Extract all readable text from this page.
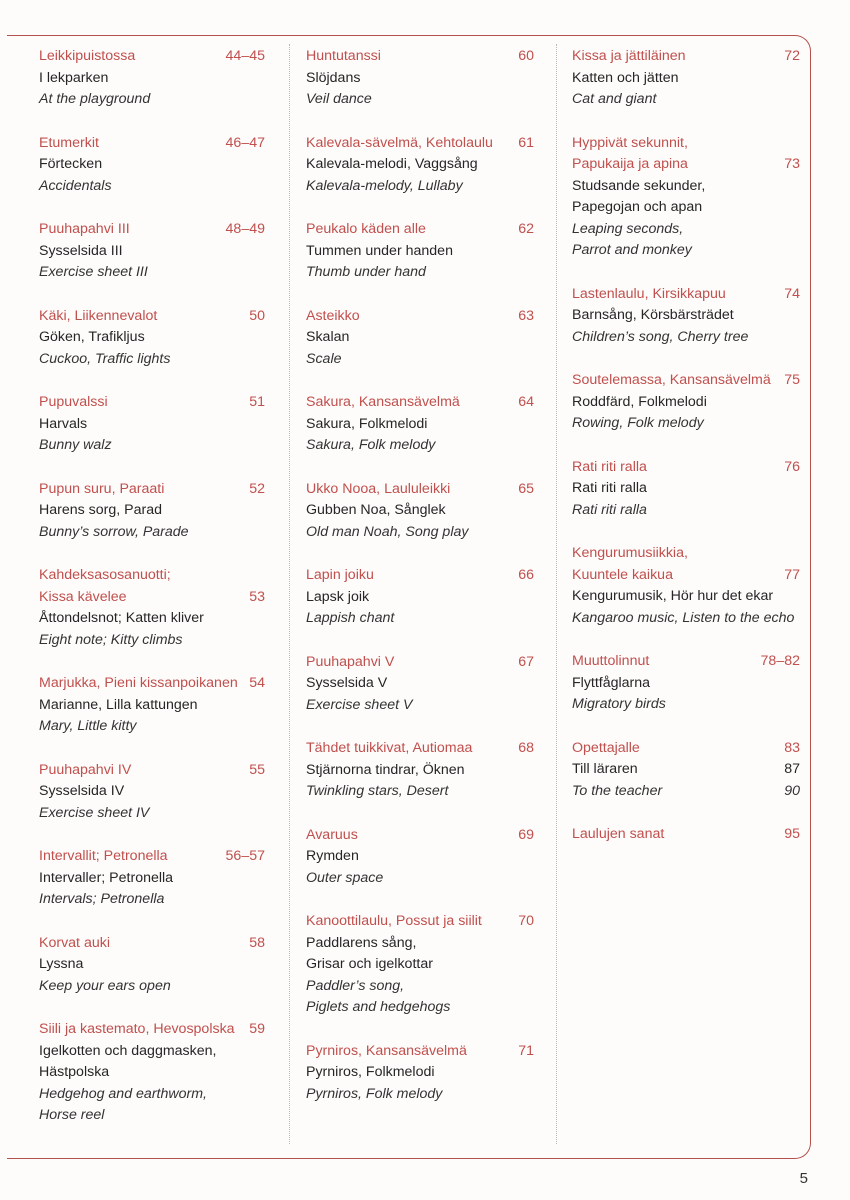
Leikkipuistossa	44–45
I lekparken
At the playground
Etumerkit	46–47
Förtecken
Accidentals
Puuhapahvi III	48–49
Sysselsida III
Exercise sheet III
Käki, Liikennevalot	50
Göken, Trafikljus
Cuckoo, Traffic lights
Pupuvalssi	51
Harvals
Bunny walz
Pupun suru, Paraati	52
Harens sorg, Parad
Bunny’s sorrow, Parade
Kahdeksasosanuotti;
Kissa kävelee	53
Åttondelsnot; Katten kliver
Eight note; Kitty climbs
Marjukka, Pieni kissanpoikanen 54
Marianne, Lilla kattungen
Mary, Little kitty
Puuhapahvi IV	55
Sysselsida IV
Exercise sheet IV
Intervallit; Petronella	56–57
Intervaller; Petronella
Intervals; Petronella
Korvat auki	58
Lyssna
Keep your ears open
Siili ja kastemato, Hevospolska 59
Igelkotten och daggmasken,
Hästpolska
Hedgehog and earthworm,
Horse reel
Huntutanssi	60
Slöjdans
Veil dance
Kalevala-sävelmä, Kehtolaulu 61
Kalevala-melodi, Vaggsång
Kalevala-melody, Lullaby
Peukalo käden alle	62
Tummen under handen
Thumb under hand
Asteikko	63
Skalan
Scale
Sakura, Kansansävelmä	64
Sakura, Folkmelodi
Sakura, Folk melody
Ukko Nooa, Laululeikki	65
Gubben Noa, Sånglek
Old man Noah, Song play
Lapin joiku	66
Lapsk joik
Lappish chant
Puuhapahvi V	67
Sysselsida V
Exercise sheet V
Tähdet tuikkivat, Autiomaa	68
Stjärnorna tindrar, Öknen
Twinkling stars, Desert
Avaruus	69
Rymden
Outer space
Kanoottilaulu, Possut ja siilit	70
Paddlarens sång,
Grisar och igelkottar
Paddler’s song,
Piglets and hedgehogs
Pyrniros, Kansansävelmä	71
Pyrniros, Folkmelodi
Pyrniros, Folk melody
Kissa ja jättiläinen	72
Katten och jätten
Cat and giant
Hyppivät sekunnit,
Papukaija ja apina	73
Studsande sekunder,
Papegojan och apan
Leaping seconds,
Parrot and monkey
Lastenlaulu, Kirsikkapuu	74
Barnsång, Körsbärsträdet
Children’s song, Cherry tree
Soutelemassa, Kansansävelmä 75
Roddfärd, Folkmelodi
Rowing, Folk melody
Rati riti ralla	76
Rati riti ralla
Rati riti ralla
Kengurumusiikkia,
Kuuntele kaikua	77
Kengurumusik, Hör hur det ekar
Kangaroo music, Listen to the echo
Muuttolinnut	78–82
Flyttfåglarna
Migratory birds
Opettajalle	83
Till läraren	87
To the teacher	90
Laulujen sanat	95
5
